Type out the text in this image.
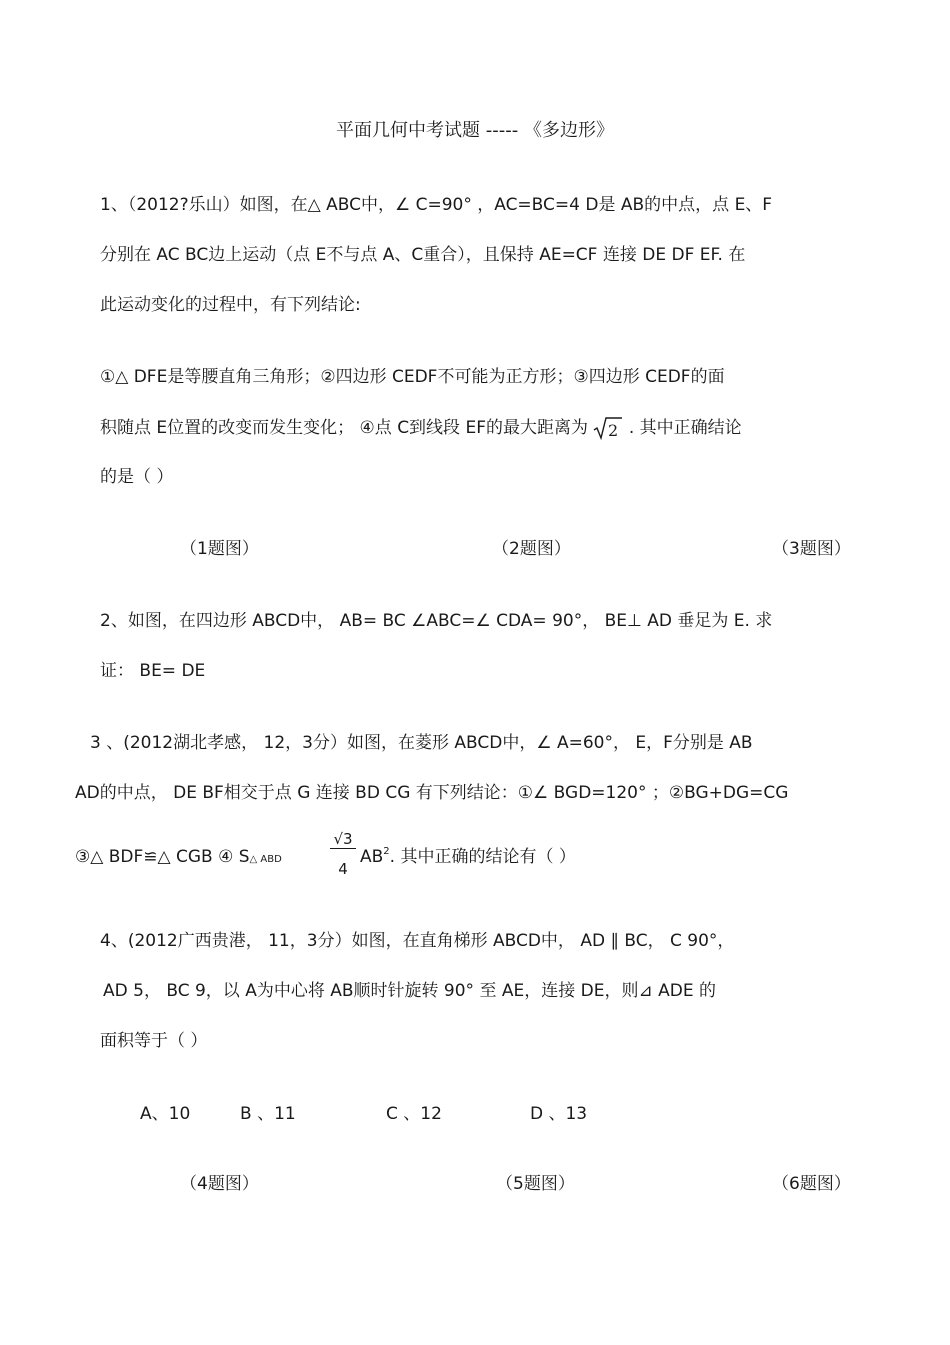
平面几何中考试题 ----- 《多边形》
1、（2012?乐山）如图，在△ ABC中，∠ C=90° ，AC=BC=4 D是 AB的中点，点 E、F
分别在 AC BC边上运动（点 E不与点 A、C重合），且保持 AE=CF 连接 DE DF EF. 在
此运动变化的过程中，有下列结论:
①△ DFE是等腰直角三角形；②四边形 CEDF不可能为正方形；③四边形 CEDF的面
积随点 E位置的改变而发生变化； ④点 C到线段 EF的最大距离为 2 . 其中正确结论
的是（ ）
（1题图）	（2题图）	（3题图）
2、如图，在四边形 ABCD中， AB= BC ∠ABC=∠ CDA= 90°， BE⊥ AD 垂足为 E. 求
证： BE= DE
3 、(2012湖北孝感， 12，3分）如图，在菱形 ABCD中，∠ A=60°， E，F分别是 AB
AD的中点， DE BF相交于点 G 连接 BD CG 有下列结论：①∠ BGD=120° ；②BG+DG=CG
③△ BDF≌△ CGB ④ S△ ABD
√3
4
$AB^2$. 其中正确的结论有（ ）
4、(2012广西贵港， 11，3分）如图，在直角梯形 ABCD中， AD ∥ BC， C 90°，
AD 5， BC 9，以 A为中心将 AB顺时针旋转 90° 至 AE，连接 DE，则⊿ ADE 的
面积等于（ ）
A、10	B 、11	C 、12	D 、13
（4题图）	（5题图）	（6题图）
